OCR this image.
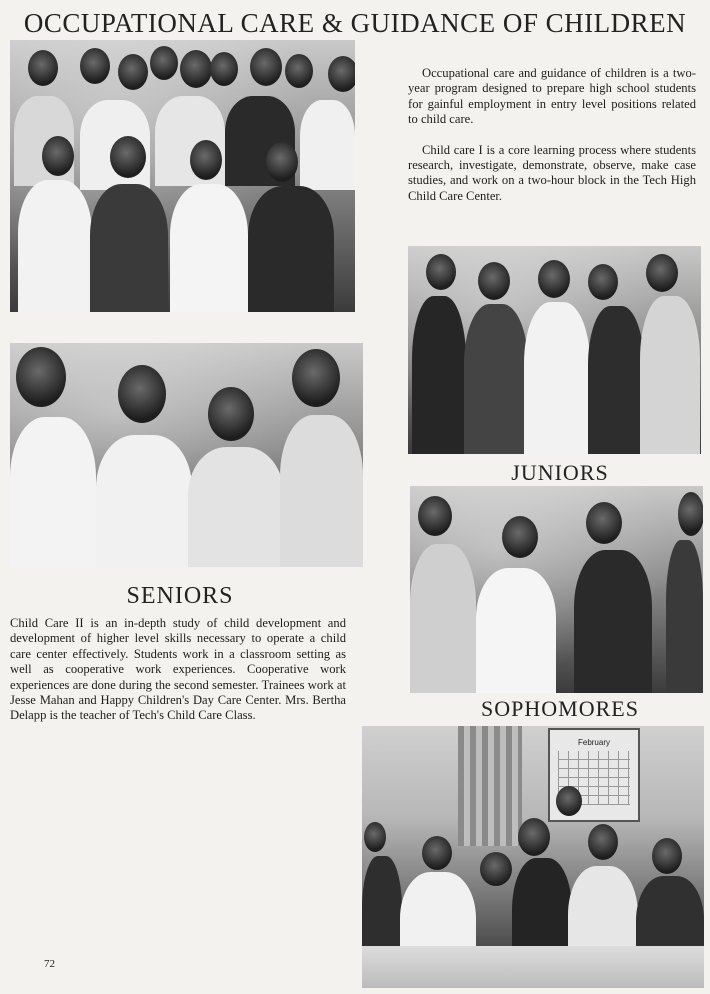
OCCUPATIONAL CARE & GUIDANCE OF CHILDREN

Occupational care and guidance of children is a two-year program designed to prepare high school students for gainful employment in entry level positions related to child care.

Child care I is a core learning process where students research, investigate, demonstrate, observe, make case studies, and work on a two-hour block in the Tech High Child Care Center.

JUNIORS
SENIORS

Child Care II is an in-depth study of child development and development of higher level skills necessary to operate a child care center effectively. Students work in a classroom setting as well as cooperative work experiences. Cooperative work experiences are done during the second semester. Trainees work at Jesse Mahan and Happy Children's Day Care Center. Mrs. Bertha Delapp is the teacher of Tech's Child Care Class.	SOPHOMORES
February
72
